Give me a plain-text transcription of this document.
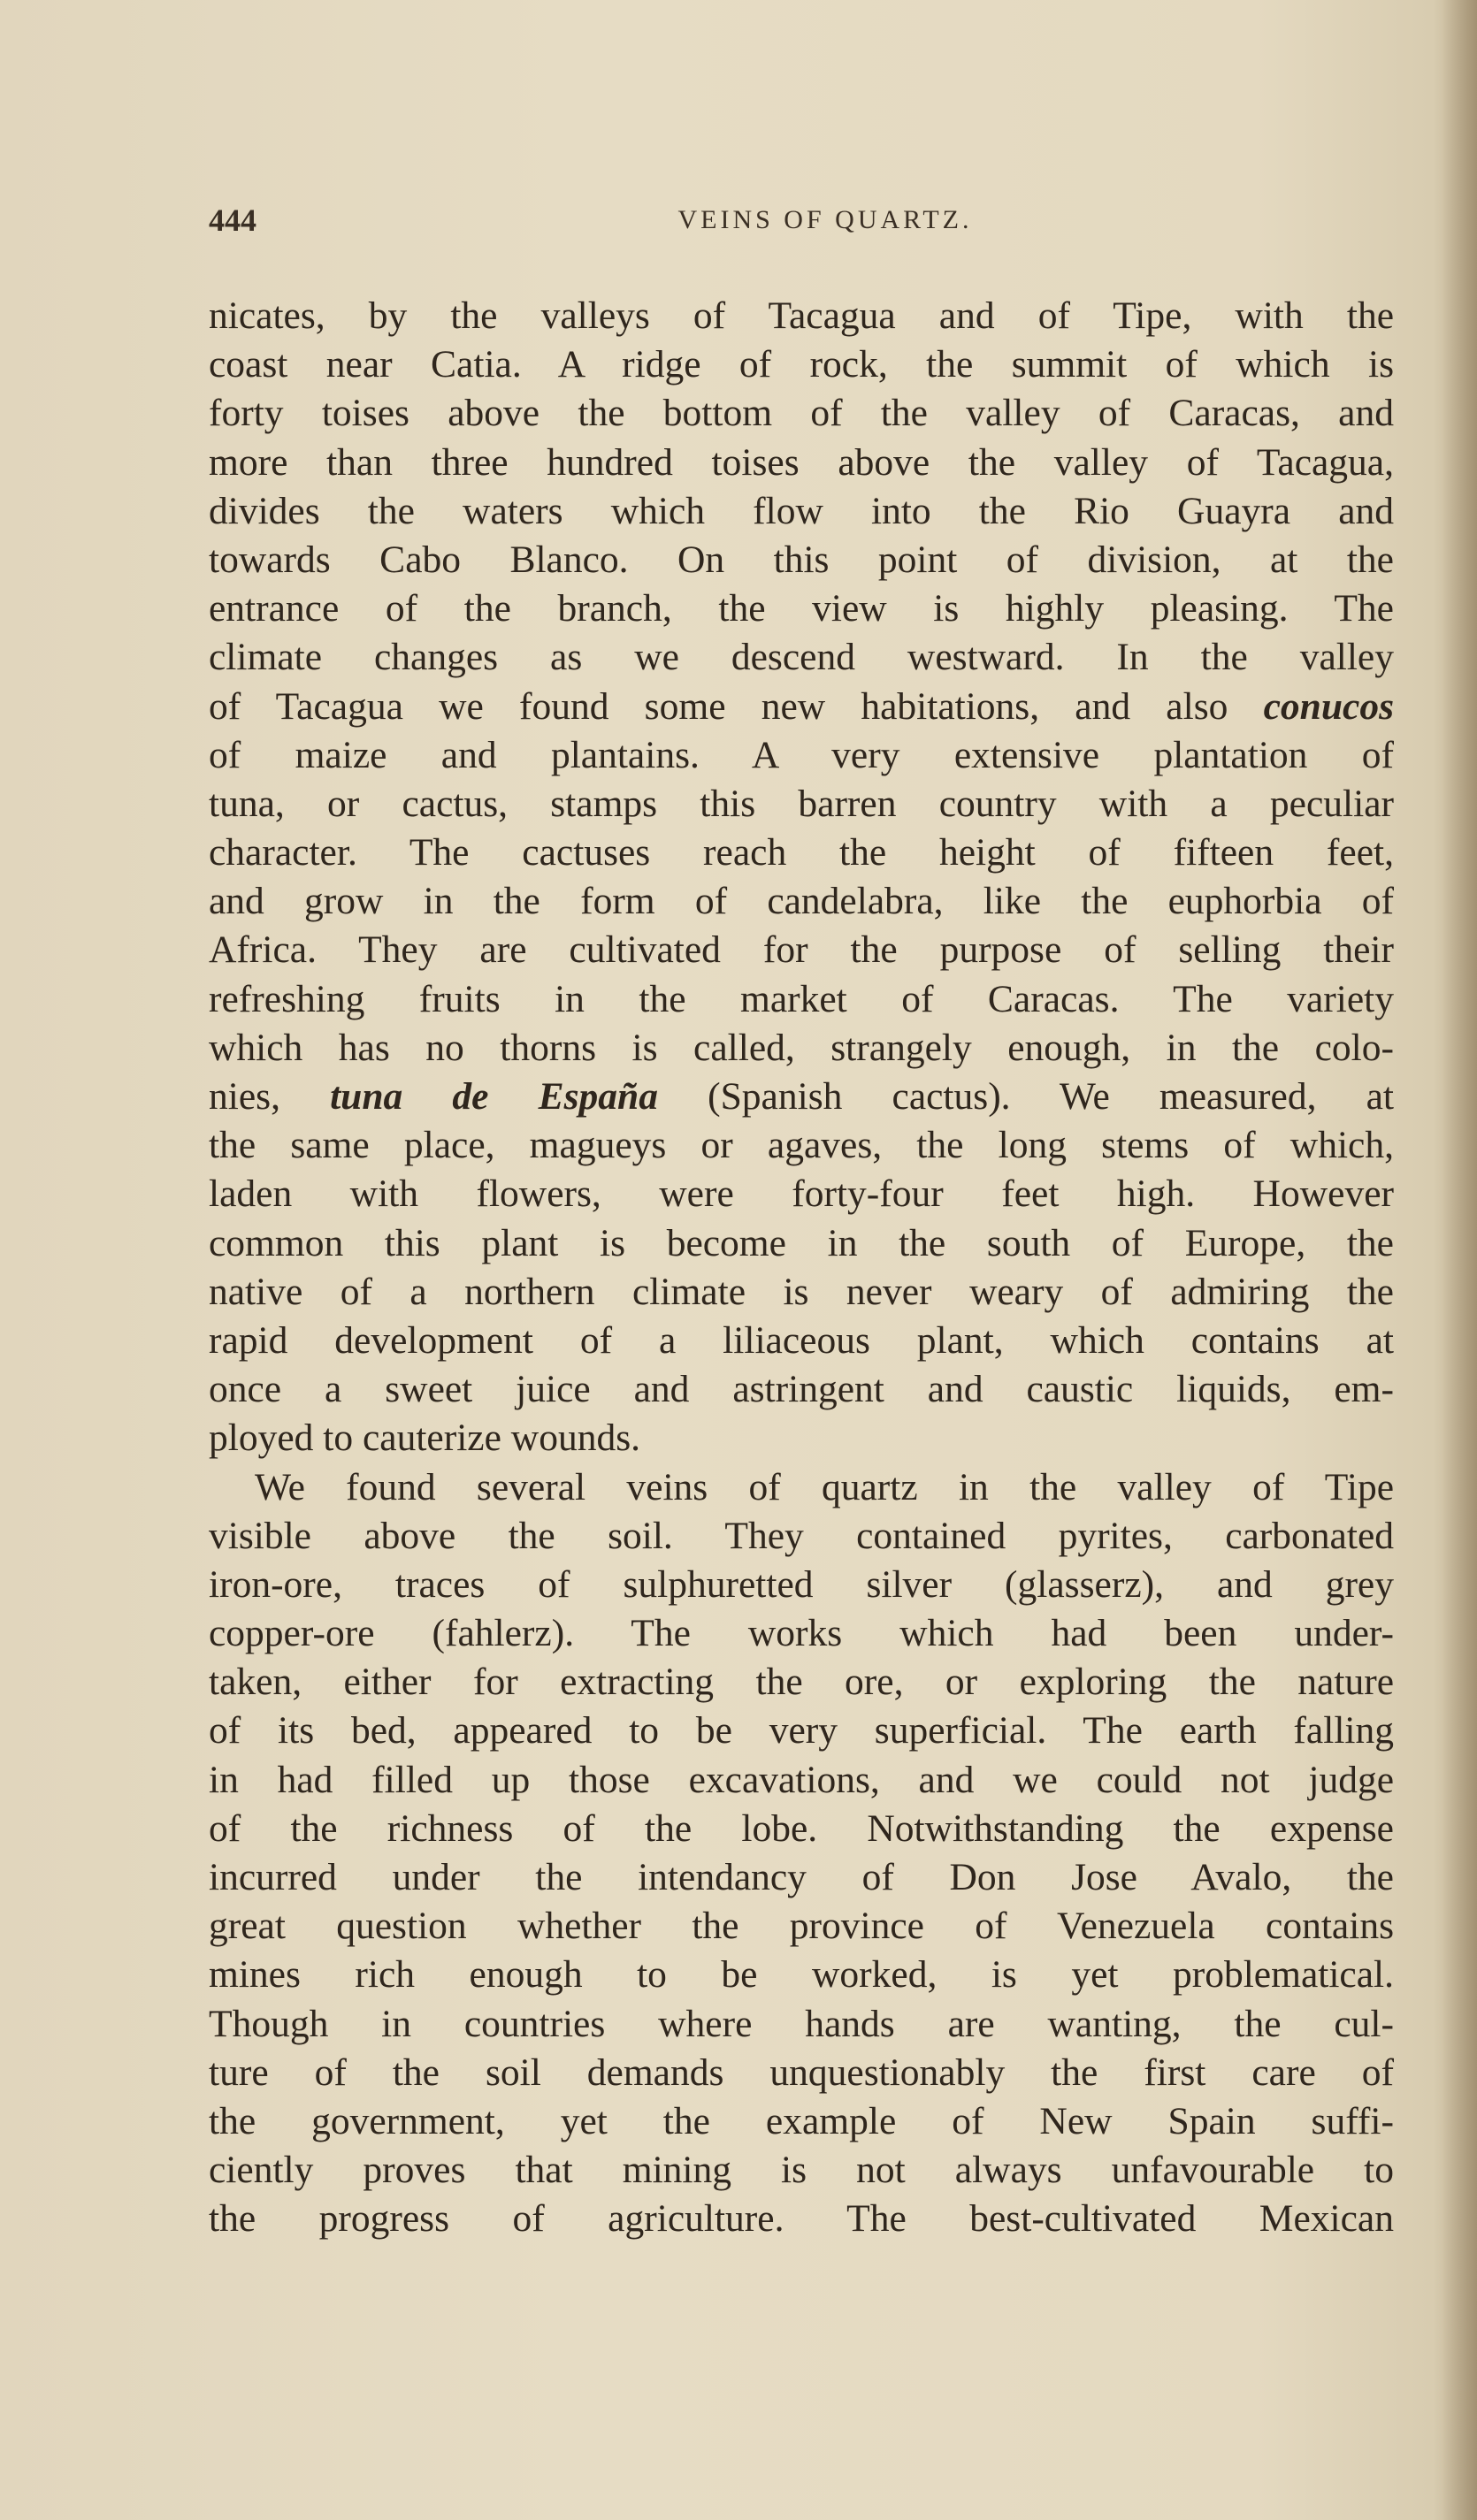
444	VEINS OF QUARTZ.
nicates, by the valleys of Tacagua and of Tipe, with the
coast near Catia. A ridge of rock, the summit of which is
forty toises above the bottom of the valley of Caracas, and
more than three hundred toises above the valley of Tacagua,
divides the waters which flow into the Rio Guayra and
towards Cabo Blanco. On this point of division, at the
entrance of the branch, the view is highly pleasing. The
climate changes as we descend westward. In the valley
of Tacagua we found some new habitations, and also conucos
of maize and plantains. A very extensive plantation of
tuna, or cactus, stamps this barren country with a peculiar
character. The cactuses reach the height of fifteen feet,
and grow in the form of candelabra, like the euphorbia of
Africa. They are cultivated for the purpose of selling their
refreshing fruits in the market of Caracas. The variety
which has no thorns is called, strangely enough, in the colo-
nies, tuna de España (Spanish cactus). We measured, at
the same place, magueys or agaves, the long stems of which,
laden with flowers, were forty-four feet high. However
common this plant is become in the south of Europe, the
native of a northern climate is never weary of admiring the
rapid development of a liliaceous plant, which contains at
once a sweet juice and astringent and caustic liquids, em-
ployed to cauterize wounds.
We found several veins of quartz in the valley of Tipe
visible above the soil. They contained pyrites, carbonated
iron-ore, traces of sulphuretted silver (glasserz), and grey
copper-ore (fahlerz). The works which had been under-
taken, either for extracting the ore, or exploring the nature
of its bed, appeared to be very superficial. The earth falling
in had filled up those excavations, and we could not judge
of the richness of the lobe. Notwithstanding the expense
incurred under the intendancy of Don Jose Avalo, the
great question whether the province of Venezuela contains
mines rich enough to be worked, is yet problematical.
Though in countries where hands are wanting, the cul-
ture of the soil demands unquestionably the first care of
the government, yet the example of New Spain suffi-
ciently proves that mining is not always unfavourable to
the progress of agriculture. The best-cultivated Mexican
